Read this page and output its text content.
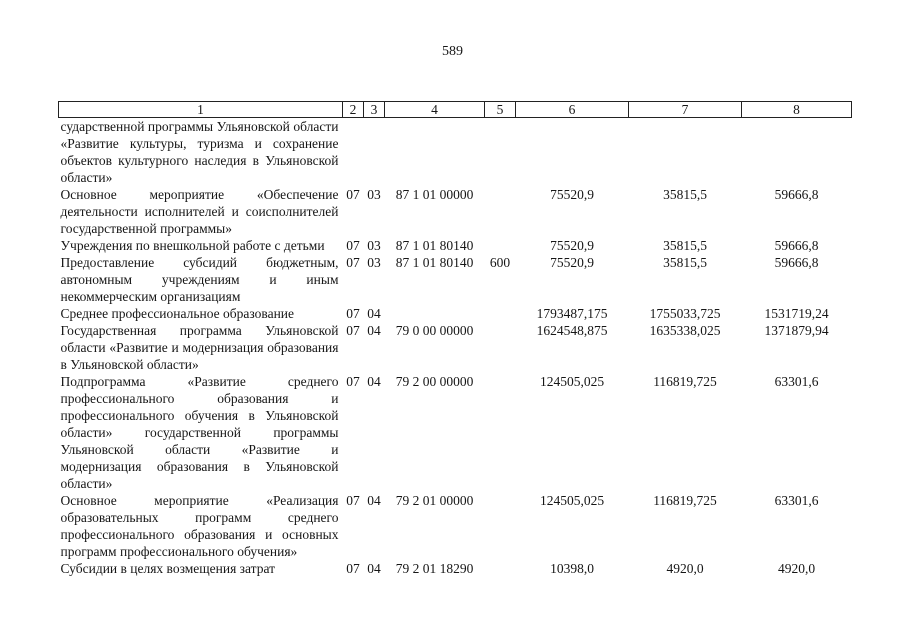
589
1	2	3	4	5	6	7	8
сударственной программы Ульяновской области «Развитие культуры, туризма и сохранение объектов культурного наследия в Ульяновской области»							
Основное мероприятие «Обеспечение деятельности исполнителей и соисполнителей государственной программы»	07	03	87 1 01 00000		75520,9	35815,5	59666,8
Учреждения по внешкольной работе с детьми	07	03	87 1 01 80140		75520,9	35815,5	59666,8
Предоставление субсидий бюджетным, автономным учреждениям и иным некоммерческим организациям	07	03	87 1 01 80140	600	75520,9	35815,5	59666,8
Среднее профессиональное образование	07	04			1793487,175	1755033,725	1531719,24
Государственная программа Ульяновской области «Развитие и модернизация образования в Ульяновской области»	07	04	79 0 00 00000		1624548,875	1635338,025	1371879,94
Подпрограмма «Развитие среднего профессионального образования и профессионального обучения в Ульяновской области» государственной программы Ульяновской области «Развитие и модернизация образования в Ульяновской области»	07	04	79 2 00 00000		124505,025	116819,725	63301,6
Основное мероприятие «Реализация образовательных программ среднего профессионального образования и основных программ профессионального обучения»	07	04	79 2 01 00000		124505,025	116819,725	63301,6
Субсидии в целях возмещения затрат	07	04	79 2 01 18290		10398,0	4920,0	4920,0
